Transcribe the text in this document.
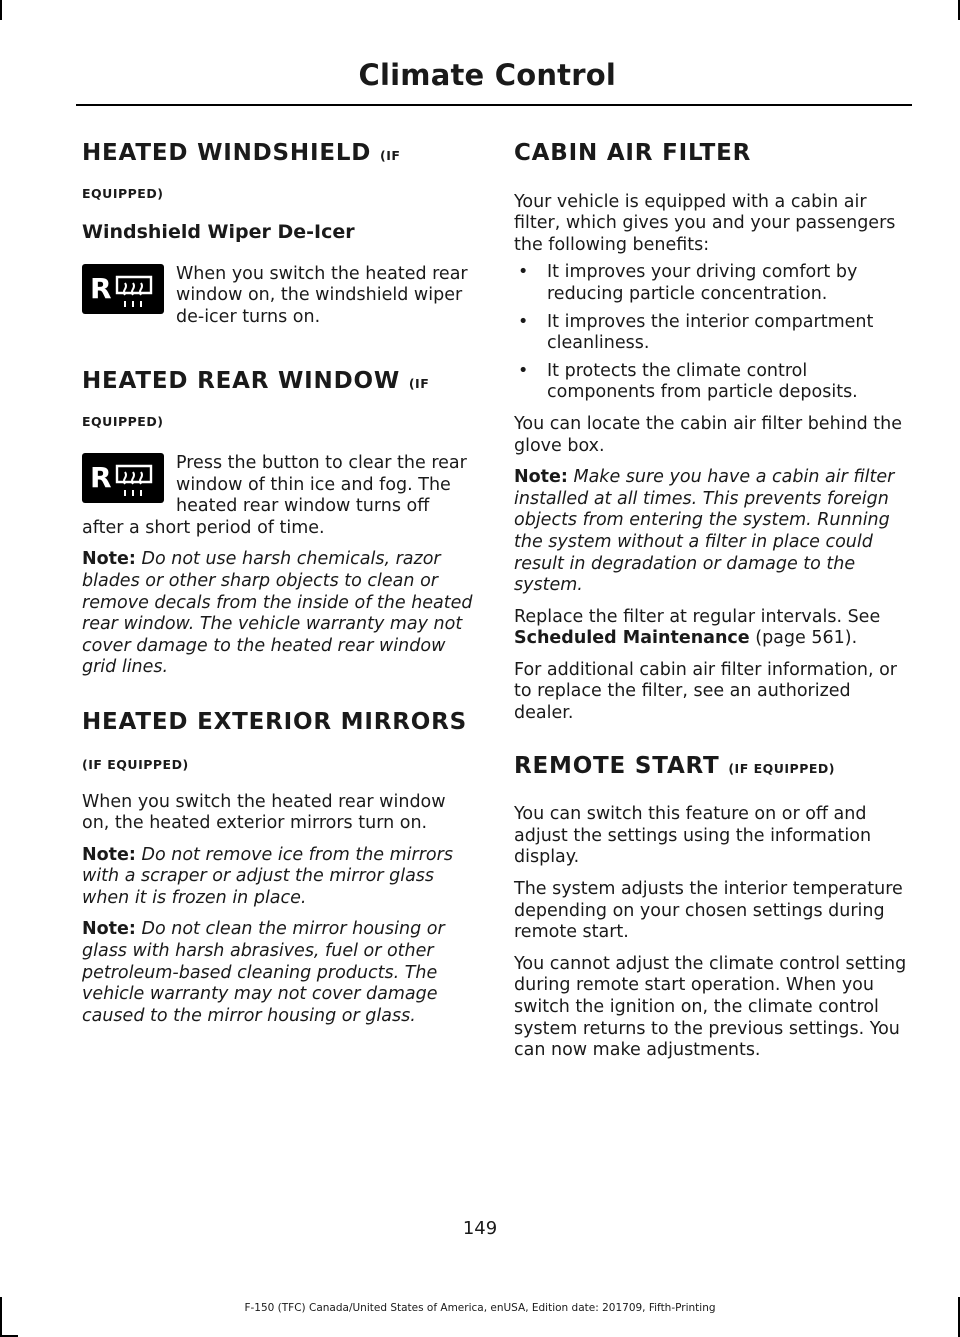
Climate Control
HEATED WINDSHIELD (IF
EQUIPPED)
Windshield Wiper De-Icer
R	When you switch the heated rear window on, the windshield wiper de-icer turns on.

HEATED REAR WINDOW (IF
EQUIPPED)
R	Press the button to clear the rear window of thin ice and fog. The heated rear window turns off after a short period of time.

Note: Do not use harsh chemicals, razor blades or other sharp objects to clean or remove decals from the inside of the heated rear window. The vehicle warranty may not cover damage to the heated rear window grid lines.

HEATED EXTERIOR MIRRORS
(IF EQUIPPED)

When you switch the heated rear window on, the heated exterior mirrors turn on.

Note: Do not remove ice from the mirrors with a scraper or adjust the mirror glass when it is frozen in place.

Note: Do not clean the mirror housing or glass with harsh abrasives, fuel or other petroleum-based cleaning products. The vehicle warranty may not cover damage caused to the mirror housing or glass.

CABIN AIR FILTER

Your vehicle is equipped with a cabin air filter, which gives you and your passengers the following benefits:

• It improves your driving comfort by reducing particle concentration.
• It improves the interior compartment cleanliness.
• It protects the climate control components from particle deposits.

You can locate the cabin air filter behind the glove box.

Note: Make sure you have a cabin air filter installed at all times. This prevents foreign objects from entering the system. Running the system without a filter in place could result in degradation or damage to the system.

Replace the filter at regular intervals. See
Scheduled Maintenance (page 561).

For additional cabin air filter information, or to replace the filter, see an authorized dealer.

REMOTE START (IF EQUIPPED)

You can switch this feature on or off and adjust the settings using the information display.

The system adjusts the interior temperature depending on your chosen settings during remote start.

You cannot adjust the climate control setting during remote start operation. When you switch the ignition on, the climate control system returns to the previous settings. You can now make adjustments.

149
F-150 (TFC) Canada/United States of America, enUSA, Edition date: 201709, Fifth-Printing
